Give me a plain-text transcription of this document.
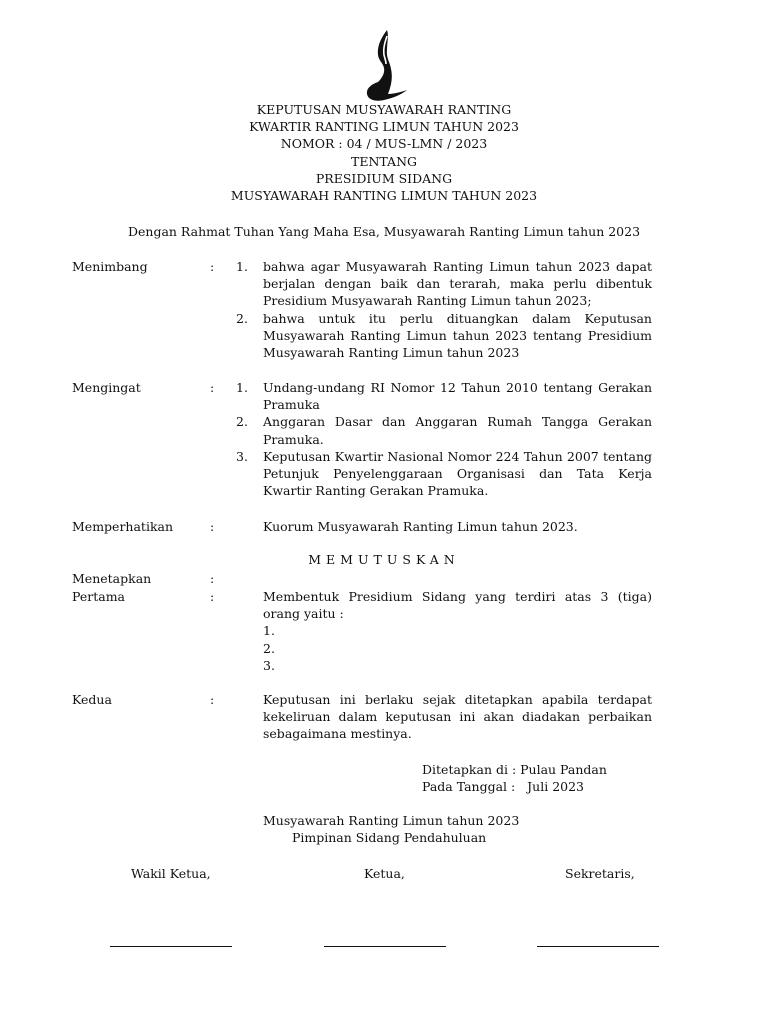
KEPUTUSAN MUSYAWARAH RANTING
KWARTIR RANTING LIMUN TAHUN 2023
NOMOR : 04 / MUS-LMN / 2023
TENTANG
PRESIDIUM SIDANG
MUSYAWARAH RANTING LIMUN TAHUN 2023
Dengan Rahmat Tuhan Yang Maha Esa, Musyawarah Ranting Limun tahun 2023
Menimbang	: 1. bahwa agar Musyawarah Ranting Limun tahun 2023 dapat berjalan dengan baik dan terarah, maka perlu dibentuk Presidium Musyawarah Ranting Limun tahun 2023;
2. bahwa untuk itu perlu dituangkan dalam Keputusan Musyawarah Ranting Limun tahun 2023 tentang Presidium Musyawarah Ranting Limun tahun 2023
Mengingat	: 1. Undang-undang RI Nomor 12 Tahun 2010 tentang Gerakan Pramuka
2. Anggaran Dasar dan Anggaran Rumah Tangga Gerakan Pramuka.
3. Keputusan Kwartir Nasional Nomor 224 Tahun 2007 tentang Petunjuk Penyelenggaraan Organisasi dan Tata Kerja Kwartir Ranting Gerakan Pramuka.
Memperhatikan	:	Kuorum Musyawarah Ranting Limun tahun 2023.
MEMUTUSKAN
Menetapkan	:
Pertama	:	Membentuk Presidium Sidang yang terdiri atas 3 (tiga) orang yaitu :
1.
2.
3.
Kedua	:	Keputusan ini berlaku sejak ditetapkan apabila terdapat kekeliruan dalam keputusan ini akan diadakan perbaikan sebagaimana mestinya.
Ditetapkan di : Pulau Pandan
Pada Tanggal :   Juli 2023
Musyawarah Ranting Limun tahun 2023
Pimpinan Sidang Pendahuluan
Wakil Ketua,	Ketua,	Sekretaris,
